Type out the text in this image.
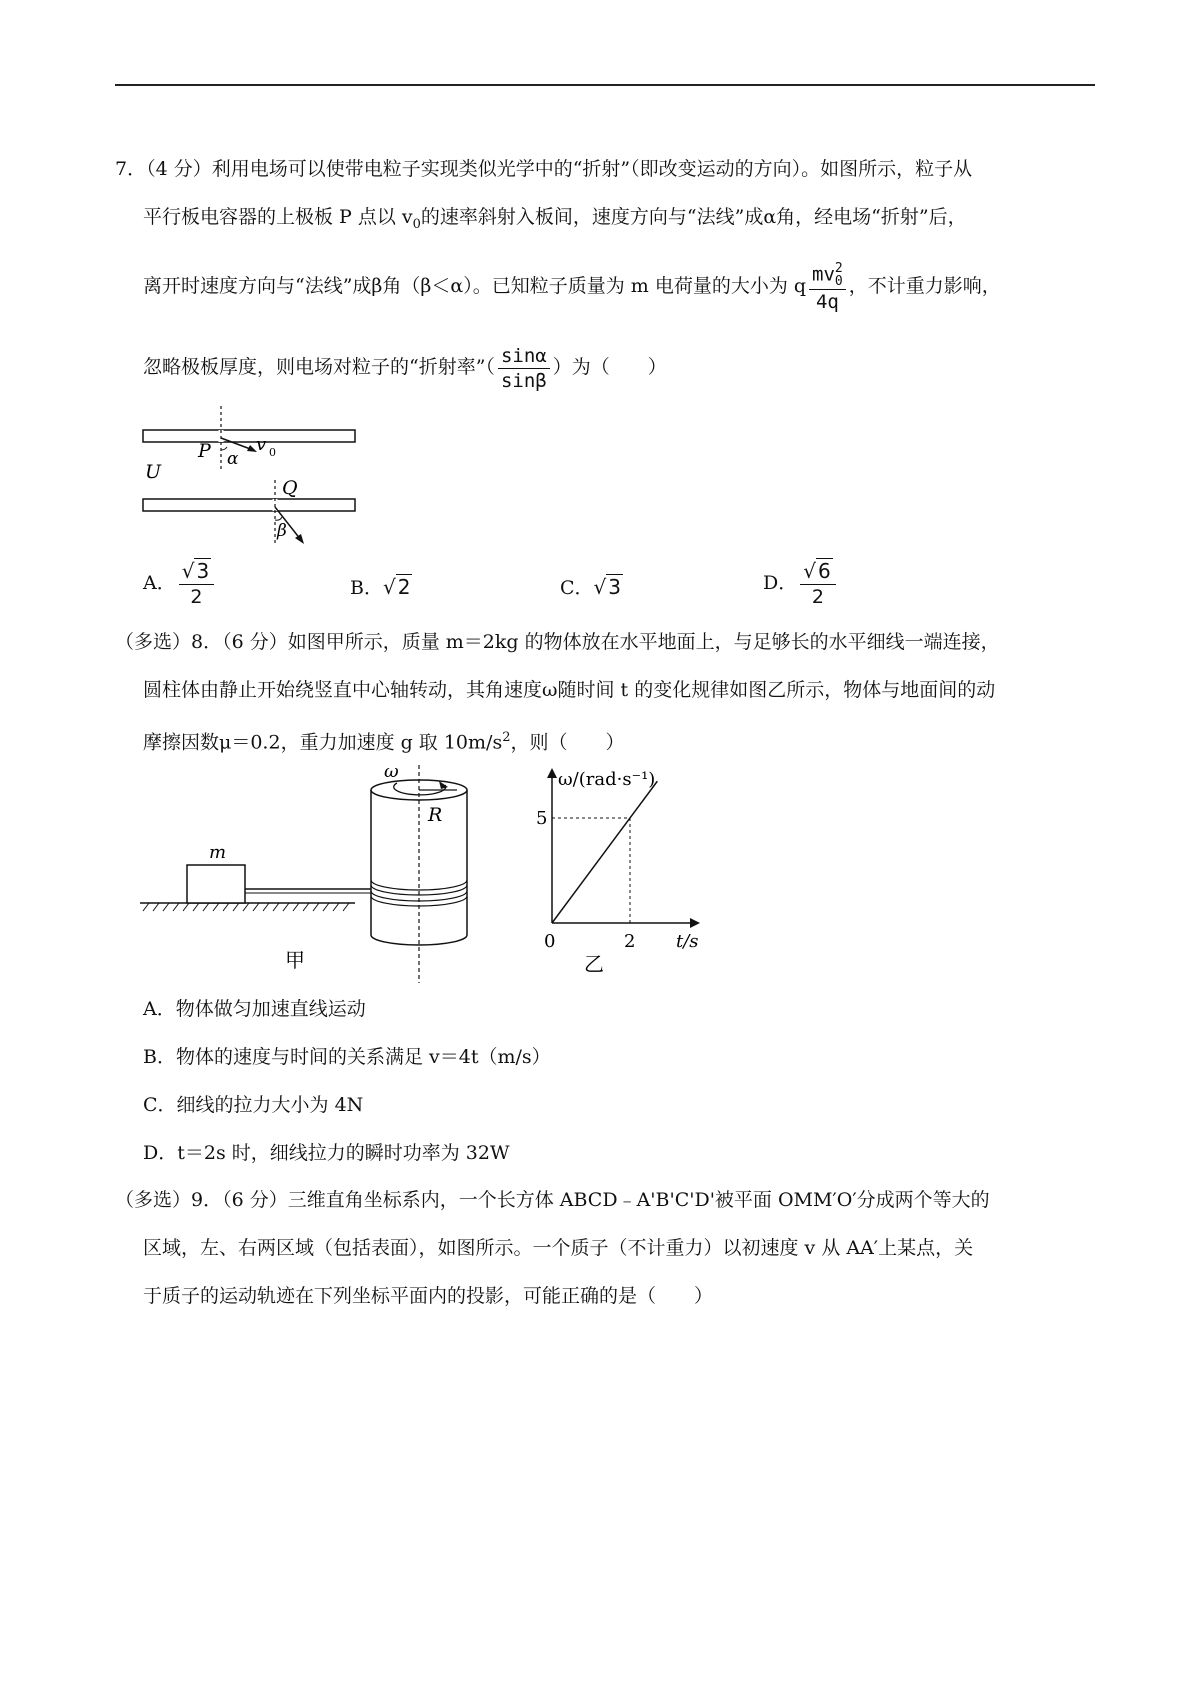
7．（4 分）利用电场可以使带电粒子实现类似光学中的“折射”（即改变运动的方向）。如图所示，粒子从
平行板电容器的上极板 P 点以 $v_0$的速率斜射入板间，速度方向与“法线”成α角，经电场“折射”后，
离开时速度方向与“法线”成β角（β＜α）。已知粒子质量为 m 电荷量的大小为 q mv 2
0
4q ，不计重力影响，
忽略极板厚度，则电场对粒子的“折射率”（ $\frac{\sin\alpha}{\sin\beta}$ ）为（　　）
P α
v 0
U
Q
β
A． $\frac{√ 3}{2}$	B．√ 2	C．√ 3	D． $\frac{√ 6}{2}$
（多选）8．（6 分）如图甲所示，质量 m＝2kg 的物体放在水平地面上，与足够长的水平细线一端连接，
圆柱体由静止开始绕竖直中心轴转动，其角速度ω随时间 t 的变化规律如图乙所示，物体与地面间的动
摩擦因数μ＝0.2，重力加速度 g 取 $10m/s^2$，则（　　）
m
ω
R
甲
ω/(rad·s⁻¹)
t/s
0
5
2
乙
A．物体做匀加速直线运动
B．物体的速度与时间的关系满足 v＝4t（m/s）
C．细线的拉力大小为 4N
D．t＝2s 时，细线拉力的瞬时功率为 32W
（多选）9．（6 分）三维直角坐标系内，一个长方体 ABCD﹣A'B'C'D'被平面 OMM′O′分成两个等大的
区域，左、右两区域（包括表面），如图所示。一个质子（不计重力）以初速度 v 从 AA′上某点，关
于质子的运动轨迹在下列坐标平面内的投影，可能正确的是（　　）
